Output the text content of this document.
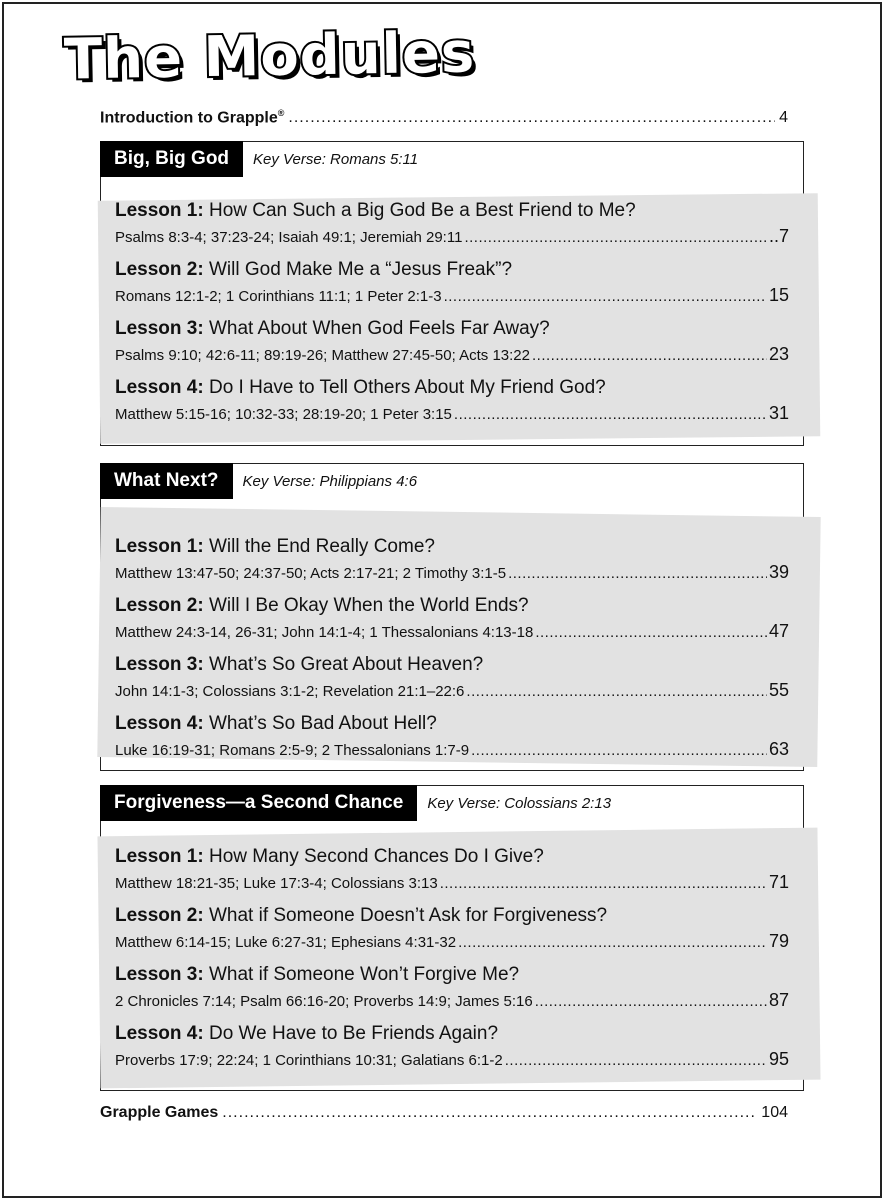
The Modules
Introduction to Grapple® .....	4
Big, Big God	Key Verse: Romans 5:11
Lesson 1: How Can Such a Big God Be a Best Friend to Me?
Psalms 8:3-4; 37:23-24; Isaiah 49:1; Jeremiah 29:11 .....	..7
Lesson 2: Will God Make Me a “Jesus Freak”?
Romans 12:1-2; 1 Corinthians 11:1; 1 Peter 2:1-3 .....	15
Lesson 3: What About When God Feels Far Away?
Psalms 9:10; 42:6-11; 89:19-26; Matthew 27:45-50; Acts 13:22 .....	23
Lesson 4: Do I Have to Tell Others About My Friend God?
Matthew 5:15-16; 10:32-33; 28:19-20; 1 Peter 3:15 .....	31
What Next?	Key Verse: Philippians 4:6
Lesson 1: Will the End Really Come?
Matthew 13:47-50; 24:37-50; Acts 2:17-21; 2 Timothy 3:1-5 .....	39
Lesson 2: Will I Be Okay When the World Ends?
Matthew 24:3-14, 26-31; John 14:1-4; 1 Thessalonians 4:13-18 .....	47
Lesson 3: What’s So Great About Heaven?
John 14:1-3; Colossians 3:1-2; Revelation 21:1–22:6 .....	55
Lesson 4: What’s So Bad About Hell?
Luke 16:19-31; Romans 2:5-9; 2 Thessalonians 1:7-9 .....	63
Forgiveness—a Second Chance	Key Verse: Colossians 2:13
Lesson 1: How Many Second Chances Do I Give?
Matthew 18:21-35; Luke 17:3-4; Colossians 3:13 .....	71
Lesson 2: What if Someone Doesn’t Ask for Forgiveness?
Matthew 6:14-15; Luke 6:27-31; Ephesians 4:31-32 .....	79
Lesson 3: What if Someone Won’t Forgive Me?
2 Chronicles 7:14; Psalm 66:16-20; Proverbs 14:9; James 5:16 .....	87
Lesson 4: Do We Have to Be Friends Again?
Proverbs 17:9; 22:24; 1 Corinthians 10:31; Galatians 6:1-2 .....	95
Grapple Games .....	104
